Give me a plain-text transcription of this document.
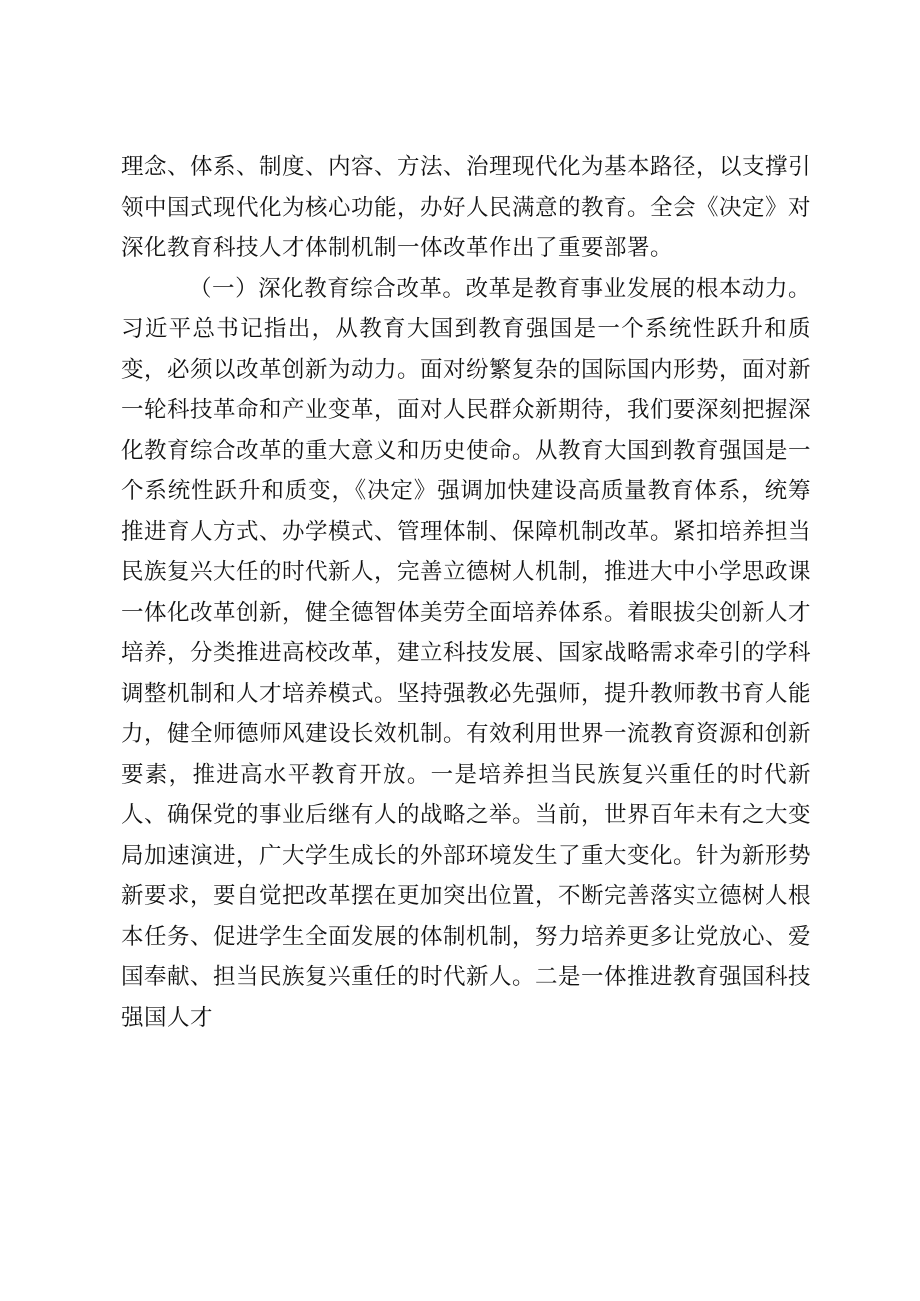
理念、体系、制度、内容、方法、治理现代化为基本路径，以支撑引领中国式现代化为核心功能，办好人民满意的教育。全会《决定》对深化教育科技人才体制机制一体改革作出了重要部署。

（一）深化教育综合改革。改革是教育事业发展的根本动力。习近平总书记指出，从教育大国到教育强国是一个系统性跃升和质变，必须以改革创新为动力。面对纷繁复杂的国际国内形势，面对新一轮科技革命和产业变革，面对人民群众新期待，我们要深刻把握深化教育综合改革的重大意义和历史使命。从教育大国到教育强国是一个系统性跃升和质变，《决定》强调加快建设高质量教育体系，统筹推进育人方式、办学模式、管理体制、保障机制改革。紧扣培养担当民族复兴大任的时代新人，完善立德树人机制，推进大中小学思政课一体化改革创新，健全德智体美劳全面培养体系。着眼拔尖创新人才培养，分类推进高校改革，建立科技发展、国家战略需求牵引的学科调整机制和人才培养模式。坚持强教必先强师，提升教师教书育人能力，健全师德师风建设长效机制。有效利用世界一流教育资源和创新要素，推进高水平教育开放。一是培养担当民族复兴重任的时代新人、确保党的事业后继有人的战略之举。当前，世界百年未有之大变局加速演进，广大学生成长的外部环境发生了重大变化。针为新形势新要求，要自觉把改革摆在更加突出位置，不断完善落实立德树人根本任务、促进学生全面发展的体制机制，努力培养更多让党放心、爱国奉献、担当民族复兴重任的时代新人。二是一体推进教育强国科技强国人才
